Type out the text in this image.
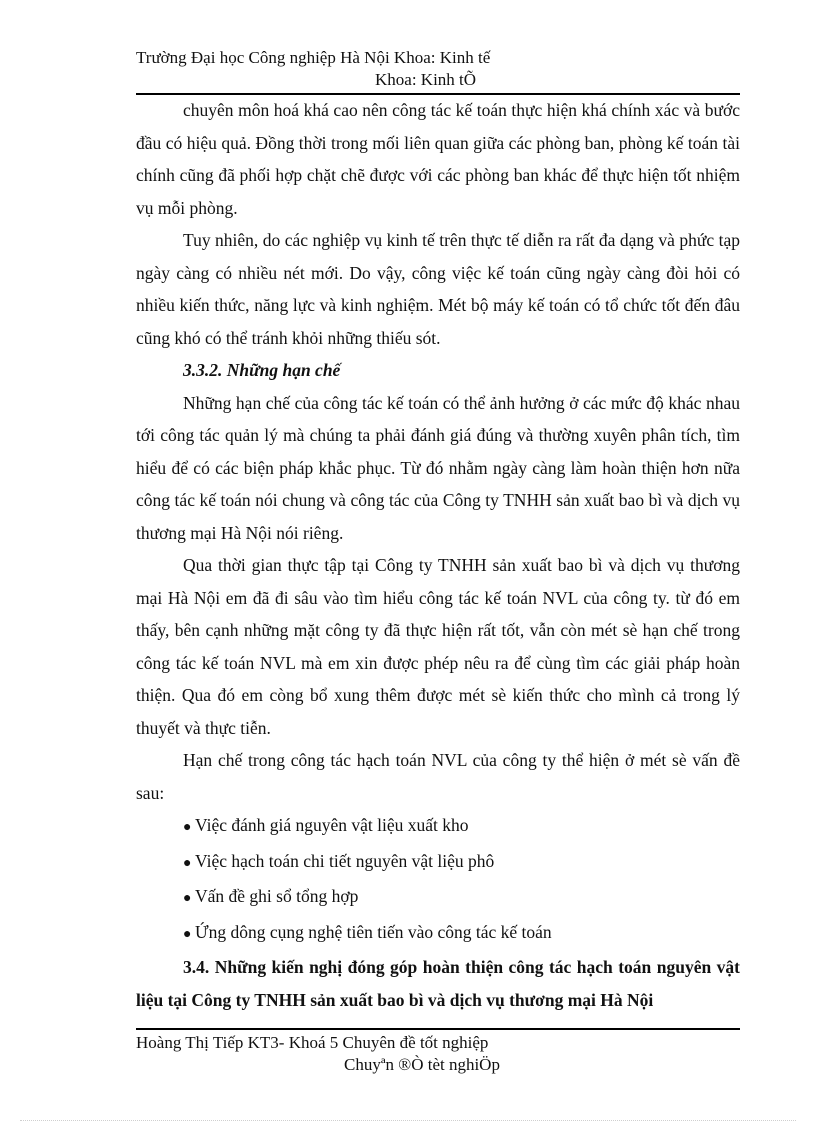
Trường Đại học Công nghiệp Hà Nội Khoa: Kinh tế
Khoa: Kinh tÕ

chuyên môn hoá khá cao nên công tác kế toán thực hiện khá chính xác và bước đầu có hiệu quả. Đồng thời trong mối liên quan giữa các phòng ban, phòng kế toán tài chính cũng đã phối hợp chặt chẽ được với các phòng ban khác để thực hiện tốt nhiệm vụ mỗi phòng.

Tuy nhiên, do các nghiệp vụ kinh tế trên thực tế diễn ra rất đa dạng và phức tạp ngày càng có nhiều nét mới. Do vậy, công việc kế toán cũng ngày càng đòi hỏi có nhiều kiến thức, năng lực và kinh nghiệm. Mét bộ máy kế toán có tổ chức tốt đến đâu cũng khó có thể tránh khỏi những thiếu sót.

3.3.2. Những hạn chế

Những hạn chế của công tác kế toán có thể ảnh hưởng ở các mức độ khác nhau tới công tác quản lý mà chúng ta phải đánh giá đúng và thường xuyên phân tích, tìm hiểu để có các biện pháp khắc phục. Từ đó nhằm ngày càng làm hoàn thiện hơn nữa công tác kế toán nói chung và công tác của Công ty TNHH sản xuất bao bì và dịch vụ thương mại Hà Nội nói riêng.

Qua thời gian thực tập tại Công ty TNHH sản xuất bao bì và dịch vụ thương mại Hà Nội em đã đi sâu vào tìm hiểu công tác kế toán NVL của công ty. từ đó em thấy, bên cạnh những mặt công ty đã thực hiện rất tốt, vẫn còn mét sè hạn chế trong công tác kế toán NVL mà em xin được phép nêu ra để cùng tìm các giải pháp hoàn thiện. Qua đó em còng bổ xung thêm được mét sè kiến thức cho mình cả trong lý thuyết và thực tiễn.

Hạn chế trong công tác hạch toán NVL của công ty thể hiện ở mét sè vấn đề sau:

● Việc đánh giá nguyên vật liệu xuất kho

● Việc hạch toán chi tiết nguyên vật liệu phô

● Vấn đề ghi sổ tổng hợp

● Ứng dông cụng nghệ tiên tiến vào công tác kế toán

3.4. Những kiến nghị đóng góp hoàn thiện công tác hạch toán nguyên vật liệu tại Công ty TNHH sản xuất bao bì và dịch vụ thương mại Hà Nội

Hoàng Thị Tiếp KT3- Khoá 5 Chuyên đề tốt nghiệp
Chuyªn ®Ò tèt nghiÖp
